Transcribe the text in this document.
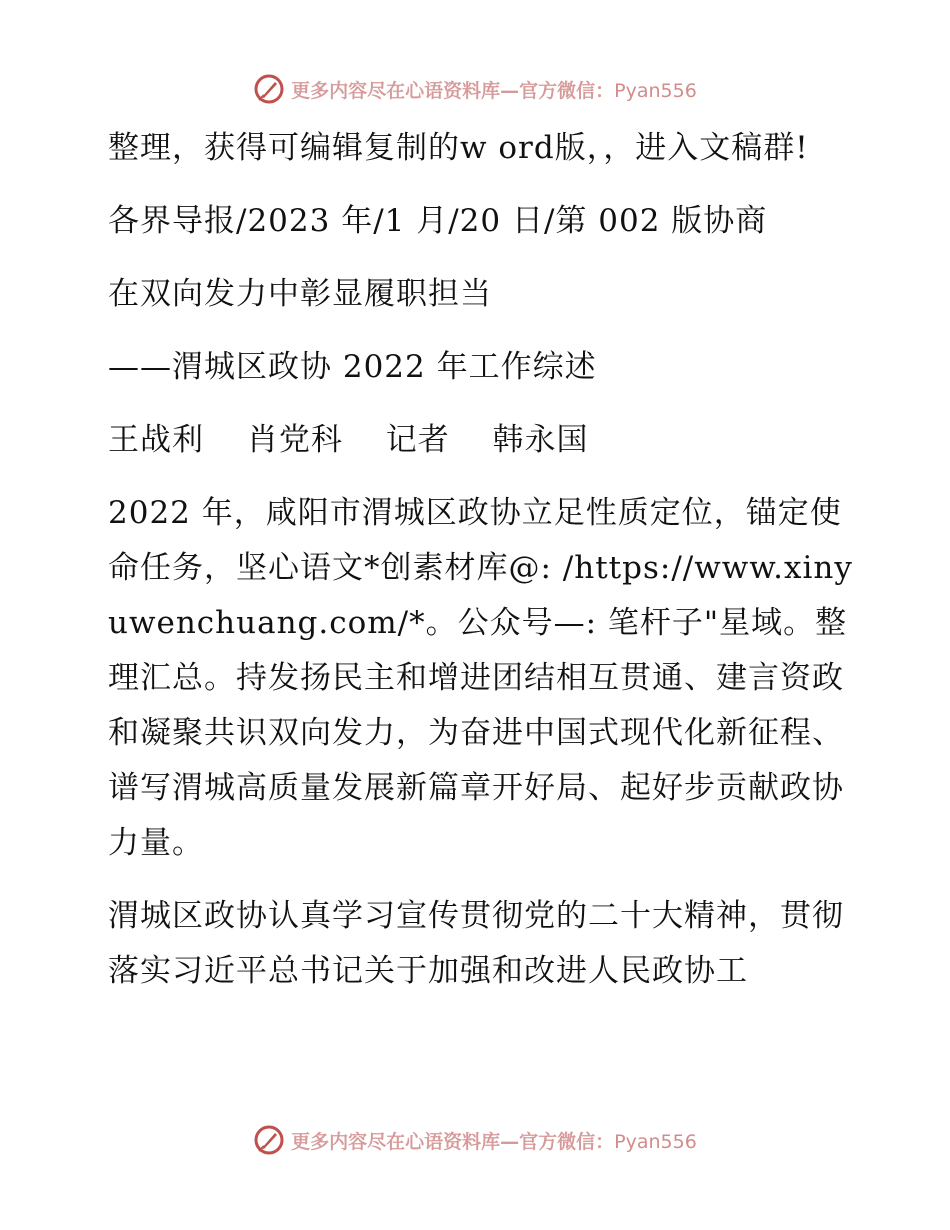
更多内容尽在心语资料库—官方微信：Pyan556

整理，获得可编辑复制的w ord版，，进入文稿群!

各界导报/2023 年/1 月/20 日/第 002 版协商

在双向发力中彰显履职担当

——渭城区政协 2022 年工作综述

王战利　 肖党科　 记者　 韩永国

2022 年，咸阳市渭城区政协立足性质定位，锚定使命任务，坚心语文*创素材库@: /https://www.xinyuwenchuang.com/*。公众号—: 笔杆子"星域。整理汇总。持发扬民主和增进团结相互贯通、建言资政和凝聚共识双向发力，为奋进中国式现代化新征程、谱写渭城高质量发展新篇章开好局、起好步贡献政协力量。

渭城区政协认真学习宣传贯彻党的二十大精神，贯彻落实习近平总书记关于加强和改进人民政协工

更多内容尽在心语资料库—官方微信：Pyan556
